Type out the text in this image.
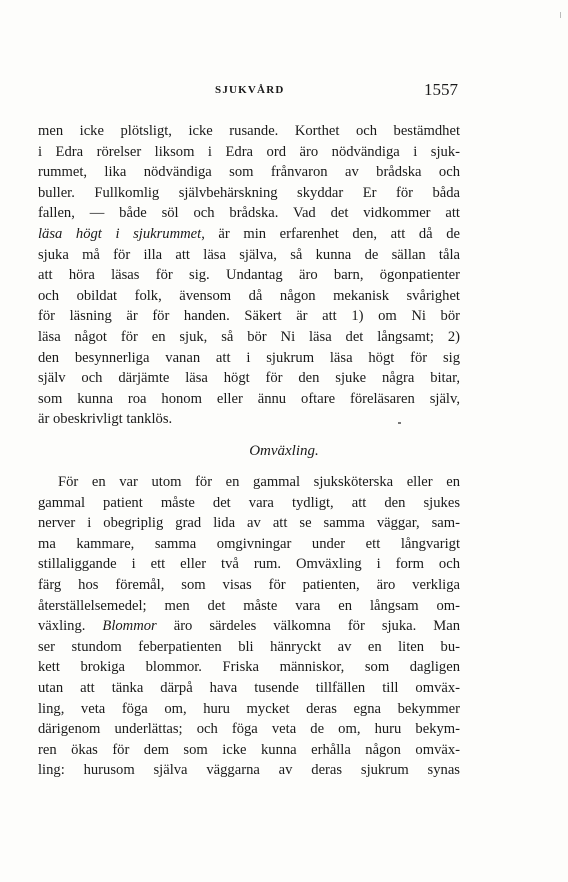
SJUKVÅRD	1557
men icke plötsligt, icke rusande. Korthet och bestämdhet
i Edra rörelser liksom i Edra ord äro nödvändiga i sjuk-
rummet, lika nödvändiga som frånvaron av brådska och
buller. Fullkomlig självbehärskning skyddar Er för båda
fallen, — både söl och brådska. Vad det vidkommer att
läsa högt i sjukrummet, är min erfarenhet den, att då de
sjuka må för illa att läsa själva, så kunna de sällan tåla
att höra läsas för sig. Undantag äro barn, ögonpatienter
och obildat folk, ävensom då någon mekanisk svårighet
för läsning är för handen. Säkert är att 1) om Ni bör
läsa något för en sjuk, så bör Ni läsa det långsamt; 2)
den besynnerliga vanan att i sjukrum läsa högt för sig
själv och därjämte läsa högt för den sjuke några bitar,
som kunna roa honom eller ännu oftare föreläsaren själv,
är obeskrivligt tanklös.
Omväxling.
För en var utom för en gammal sjuksköterska eller en
gammal patient måste det vara tydligt, att den sjukes
nerver i obegriplig grad lida av att se samma väggar, sam-
ma kammare, samma omgivningar under ett långvarigt
stillaliggande i ett eller två rum. Omväxling i form och
färg hos föremål, som visas för patienten, äro verkliga
återställelsemedel; men det måste vara en långsam om-
växling. Blommor äro särdeles välkomna för sjuka. Man
ser stundom feberpatienten bli hänryckt av en liten bu-
kett brokiga blommor. Friska människor, som dagligen
utan att tänka därpå hava tusende tillfällen till omväx-
ling, veta föga om, huru mycket deras egna bekymmer
därigenom underlättas; och föga veta de om, huru bekym-
ren ökas för dem som icke kunna erhålla någon omväx-
ling: hurusom själva väggarna av deras sjukrum synas
